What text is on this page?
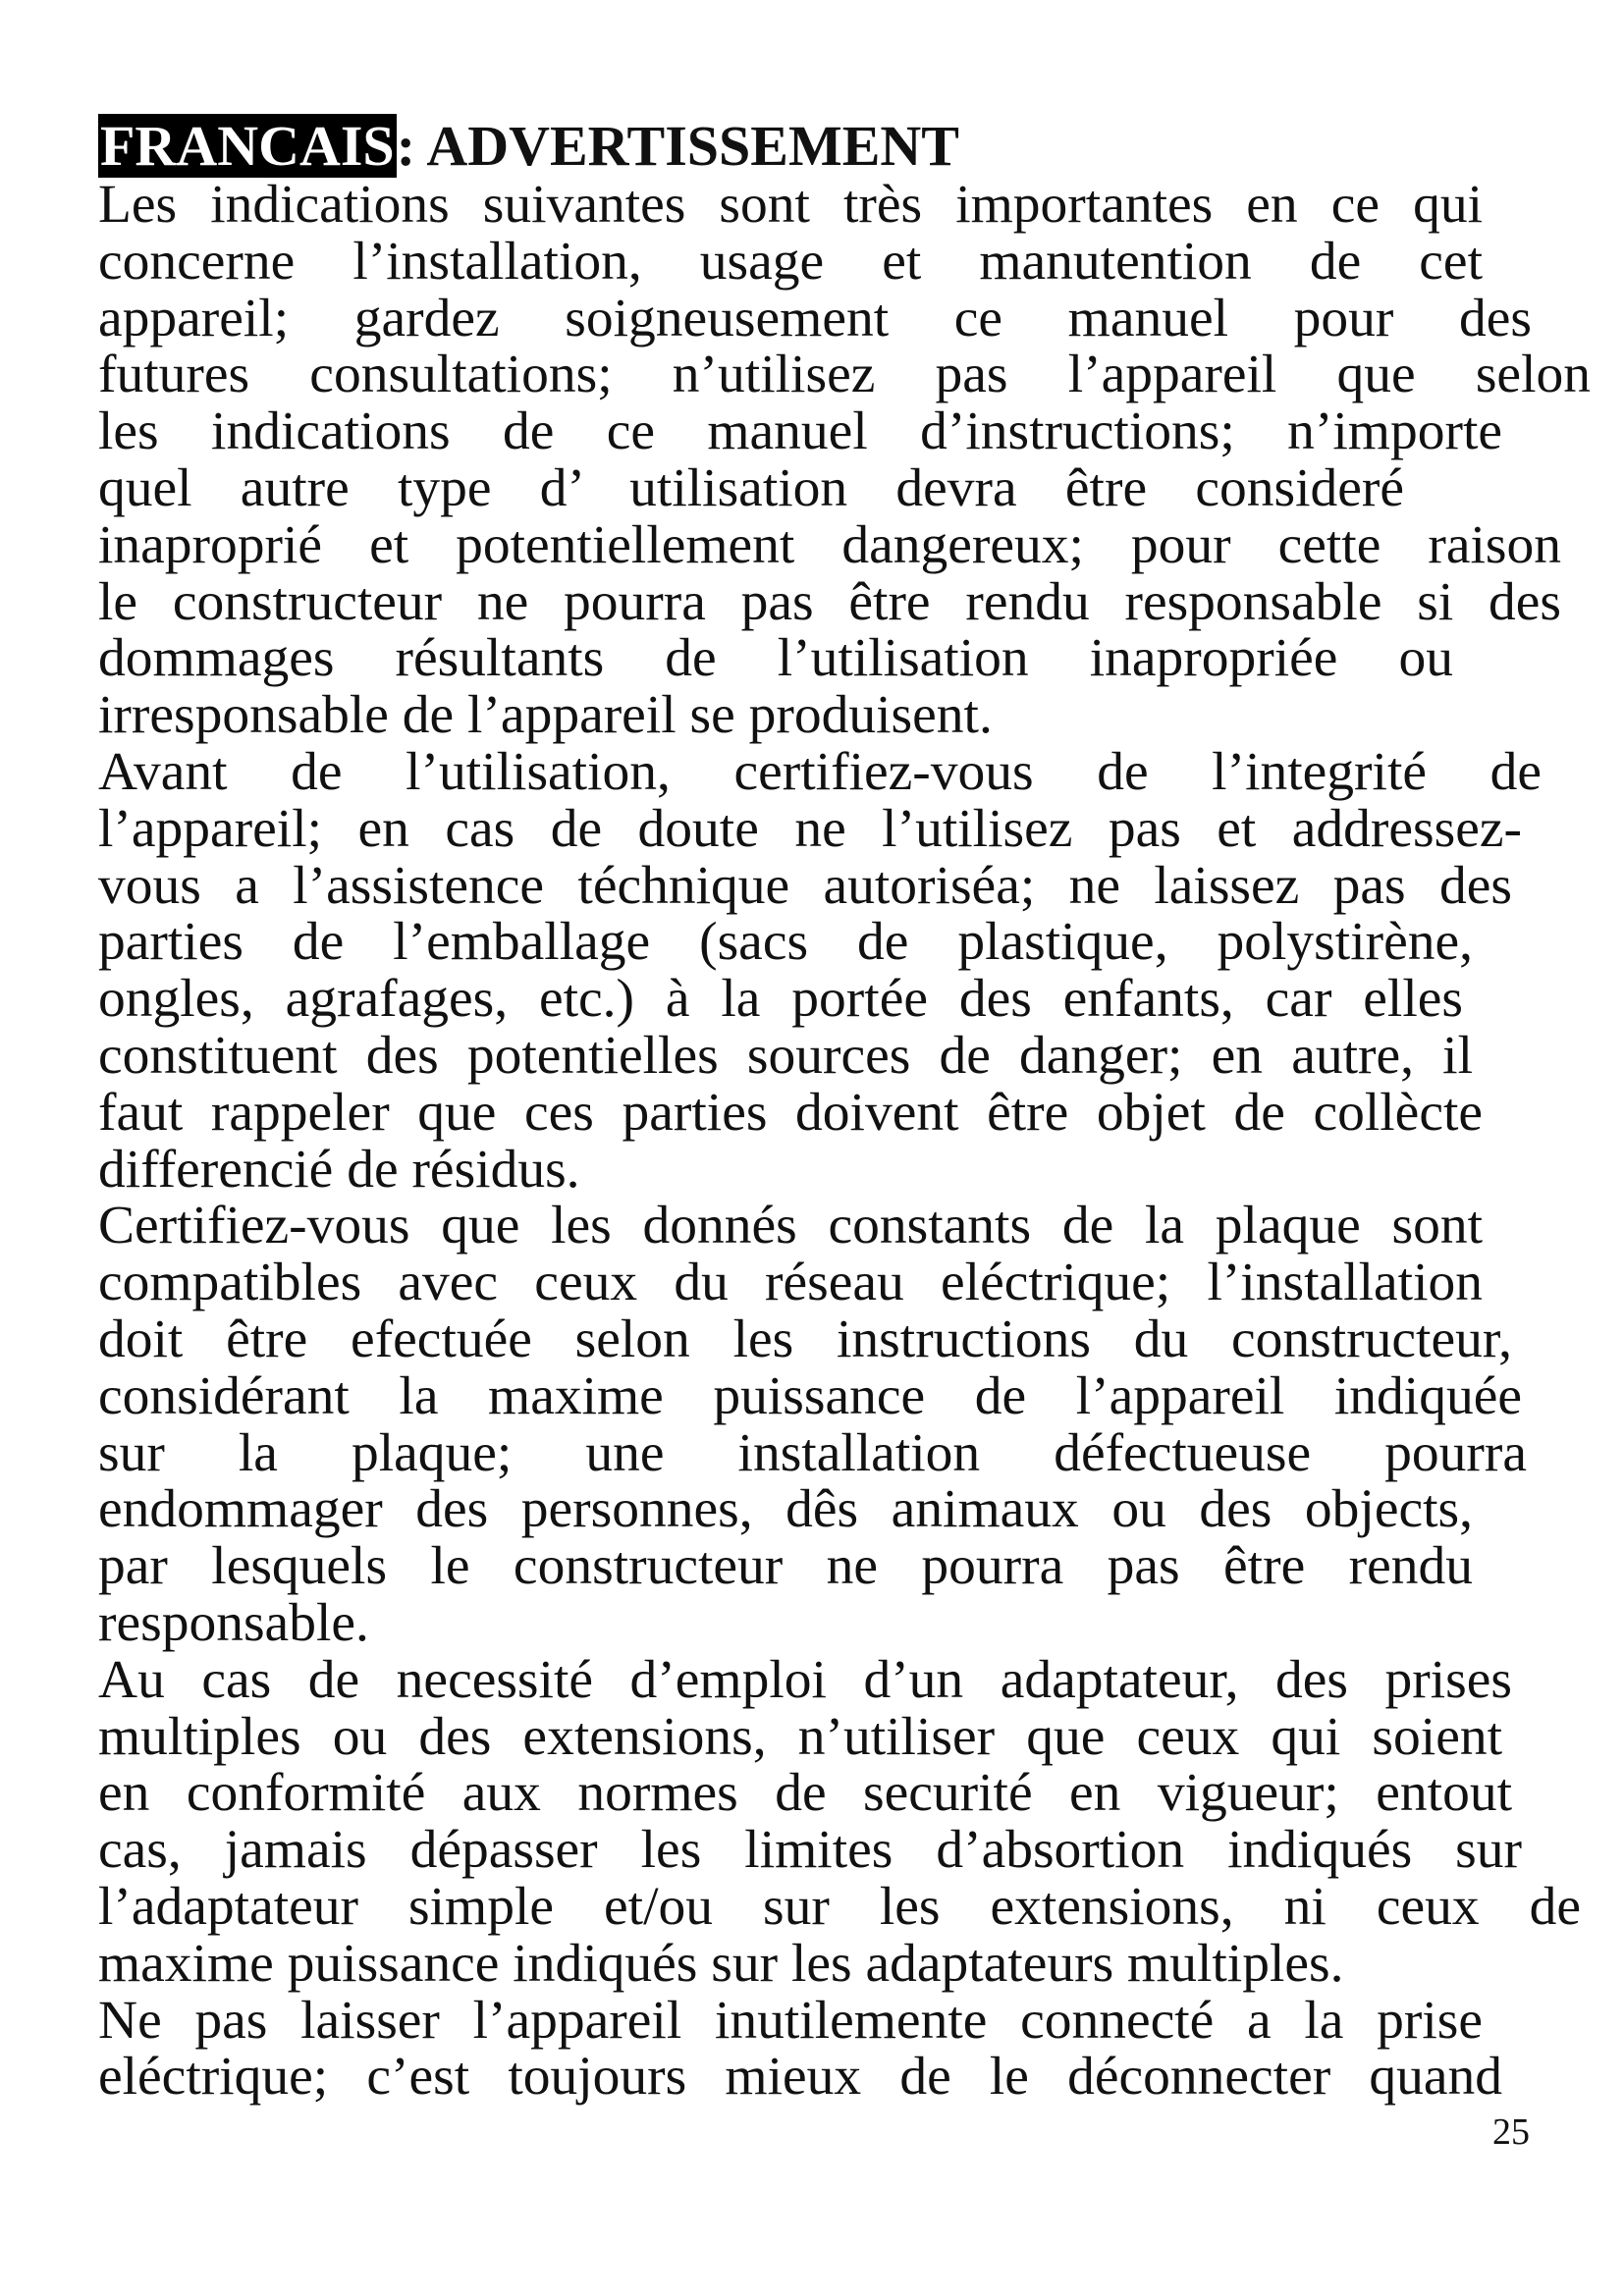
FRANCAIS: ADVERTISSEMENT
Les indications suivantes sont très importantes en ce qui
concerne l’installation, usage et manutention de cet
appareil; gardez soigneusement ce manuel pour des
futures consultations; n’utilisez pas l’appareil que selon
les indications de ce manuel d’instructions; n’importe
quel autre type d’ utilisation devra être consideré
inaproprié et potentiellement dangereux; pour cette raison
le constructeur ne pourra pas être rendu responsable si des
dommages résultants de l’utilisation inapropriée ou
irresponsable de l’appareil se produisent.
Avant de l’utilisation, certifiez-vous de l’integrité de
l’appareil; en cas de doute ne l’utilisez pas et addressez-
vous a l’assistence téchnique autoriséa; ne laissez pas des
parties de l’emballage (sacs de plastique, polystirène,
ongles, agrafages, etc.) à la portée des enfants, car elles
constituent des potentielles sources de danger; en autre, il
faut rappeler que ces parties doivent être objet de collècte
differencié de résidus.
Certifiez-vous que les donnés constants de la plaque sont
compatibles avec ceux du réseau eléctrique; l’installation
doit être efectuée selon les instructions du constructeur,
considérant la maxime puissance de l’appareil indiquée
sur la plaque; une installation défectueuse pourra
endommager des personnes, dês animaux ou des objects,
par lesquels le constructeur ne pourra pas être rendu
responsable.
Au cas de necessité d’emploi d’un adaptateur, des prises
multiples ou des extensions, n’utiliser que ceux qui soient
en conformité aux normes de securité en vigueur; entout
cas, jamais dépasser les limites d’absortion indiqués sur
l’adaptateur simple et/ou sur les extensions, ni ceux de
maxime puissance indiqués sur les adaptateurs multiples.
Ne pas laisser l’appareil inutilemente connecté a la prise
eléctrique; c’est toujours mieux de le déconnecter quand
25
